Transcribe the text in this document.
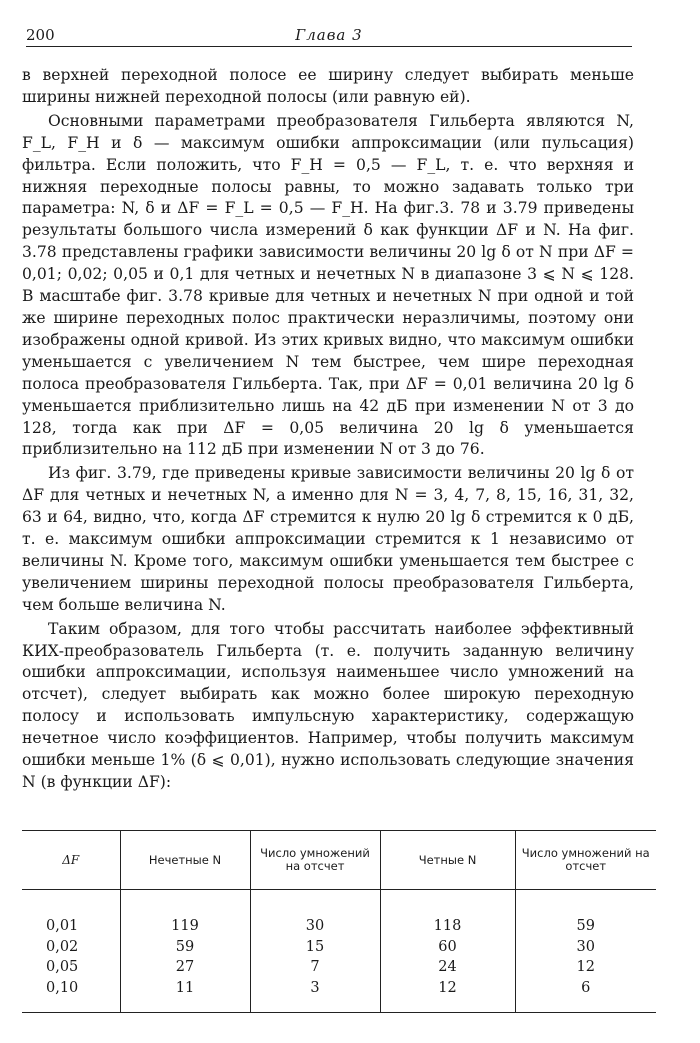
200	Глава 3

в верхней переходной полосе ее ширину следует выбирать меньше ширины нижней переходной полосы (или равную ей).

Основными параметрами преобразователя Гильберта являются N, F_L, F_H и δ — максимум ошибки аппроксимации (или пульсация) фильтра. Если положить, что F_H = 0,5 — F_L, т. е. что верхняя и нижняя переходные полосы равны, то можно задавать только три параметра: N, δ и ΔF = F_L = 0,5 — F_H. На фиг.3. 78 и 3.79 приведены результаты большого числа измерений δ как функции ΔF и N. На фиг. 3.78 представлены графики зависимости величины 20 lg δ от N при ΔF = 0,01; 0,02; 0,05 и 0,1 для четных и нечетных N в диапазоне 3 ⩽ N ⩽ 128. В масштабе фиг. 3.78 кривые для четных и нечетных N при одной и той же ширине переходных полос практически неразличимы, поэтому они изображены одной кривой. Из этих кривых видно, что максимум ошибки уменьшается с увеличением N тем быстрее, чем шире переходная полоса преобразователя Гильберта. Так, при ΔF = 0,01 величина 20 lg δ уменьшается приблизительно лишь на 42 дБ при изменении N от 3 до 128, тогда как при ΔF = 0,05 величина 20 lg δ уменьшается приблизительно на 112 дБ при изменении N от 3 до 76.

Из фиг. 3.79, где приведены кривые зависимости величины 20 lg δ от ΔF для четных и нечетных N, а именно для N = 3, 4, 7, 8, 15, 16, 31, 32, 63 и 64, видно, что, когда ΔF стремится к нулю 20 lg δ стремится к 0 дБ, т. е. максимум ошибки аппроксимации стремится к 1 независимо от величины N. Кроме того, максимум ошибки уменьшается тем быстрее с увеличением ширины переходной полосы преобразователя Гильберта, чем больше величина N.

Таким образом, для того чтобы рассчитать наиболее эффективный КИХ-преобразователь Гильберта (т. е. получить заданную величину ошибки аппроксимации, используя наименьшее число умножений на отсчет), следует выбирать как можно более широкую переходную полосу и использовать импульсную характеристику, содержащую нечетное число коэффициентов. Например, чтобы получить максимум ошибки меньше 1% (δ ⩽ 0,01), нужно использовать следующие значения N (в функции ΔF):

ΔF	Нечетные N	Число умножений на отсчет	Четные N	Число умножений на отсчет
0,01	119	30	118	59
0,02	59	15	60	30
0,05	27	7	24	12
0,10	11	3	12	6
